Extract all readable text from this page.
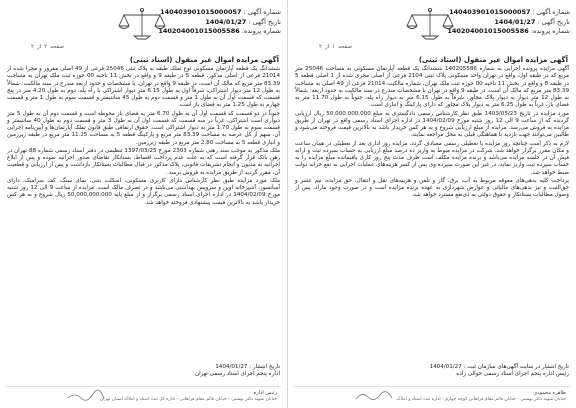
شماره آگهی : 140403901015000057
تاریخ آگهی : 1404/01/27
شماره پرونده: 140204001015005586
صفحه۱از۲
آگهی مزایده اموال غیر منقول (اسناد ثبتی)

آگهی مزایده پرونده اجرایی به شماره 140205586 ششدانگ یک قطعه آپارتمان مسکونی به مساحت 25046 متر مربع که در طبقه اول، واقع در تهران واحد مسکونی پلاک ثبتی 2104 فرعی از اصلی مجزی شده از 1 اصلی قطعه 5 در طبقه 8 و واقع در بخش 11 ناحیه 00 حوزه ثبت ملک تهران، شماره مالکیت 21014 فرعی از 49 اصلی به مساحت 83.39 متر مربع که مالک آن است، در طبقه 9 واقع در تهران با مشخصات مندرج در سند مالکیت به حدود اربعه: شمالاً به طول 12 متر دیوار به دیوار پلاک مجاور، شرقاً به طول 6.15 متر به دیوار راه پله، جنوباً به طول 11.70 متر به فضای باز، غرباً به طول 6.25 متر به دیوار پلاک مجاور که دارای پارکینگ و انباری است.

مورد مزایده در تاریخ 1403/05/23 طبق نظر کارشناس رسمی دادگستری به مبلغ 50,000,000,000 ریال ارزیابی گردیده که از ساعت 9 الی 12 روز شنبه مورخ 1404/02/09 در اداره اجرای اسناد رسمی واقع در تهران از طریق مزایده به فروش می‌رسد. مزایده از مبلغ ارزیابی شروع و به هر کس خریدار باشد به بالاترین قیمت فروخته می‌شود و طالبین می‌توانند جهت بازدید با هماهنگی قبلی به محل مراجعه نمایند.

لازم به ذکر است چنانچه روز مزایده با تعطیلی رسمی مصادف گردد، مزایده روز اداری بعد از تعطیلی در همان ساعت و مکان مقرر برگزار خواهد شد. شرکت در مزایده منوط به واریز ده درصد مبلغ ارزیابی به حساب سپرده ثبت و ارائه فیش آن در جلسه مزایده می‌باشد و برنده مزایده مکلف است ظرف مدت پنج روز کاری باقیمانده مبلغ مزایده را به حساب سپرده ثبت واریز نماید، در غیر این صورت سپرده وی پس از کسر هزینه‌های عملیات اجرایی به نفع خزانه دولت ضبط خواهد شد.

پرداخت کلیه بدهی‌های معوقه مربوط به آب، برق، گاز و تلفن و هزینه‌های نقل و انتقال، حق مزایده، نیم عشر و حق‌الثبت و نیز بدهی‌های مالیاتی و عوارض شهرداری به عهده برنده مزایده است و در صورت وجود مازاد، پس از وصول مطالبات بستانکار و حقوق دولتی به ذی‌نفع مسترد خواهد شد.

تاریخ انتشار در سایت آگهی‌های سازمان ثبت : 1404/01/27
رئیس اداره پنجم اجرای اسناد رسمی حوالی زاده
طاهره محمودی
خیابان شهید دکتر بهشتی - خیابان قائم مقام فراهانی کوچه چهارم - اداره ثبت اسناد و املاک
شماره آگهی : 140403901015000057
تاریخ آگهی : 1404/01/27
شماره پرونده: 140204001015005586
صفحه۲از۲
آگهی مزایده اموال غیر منقول (اسناد ثبتی)

ششدانگ یک قطعه آپارتمان مسکونی نوع تملک طبقه به پلاک ثبتی 25046 فرعی از 49 اصلی مفروز و مجزا شده از 21014 فرعی از اصلی مذکور، قطعه 5 در طبقه 9 و واقع در بخش 11 ناحیه 00 حوزه ثبت ملک تهران به مساحت 83.39 متر مربع که مالک آن است، در طبقه 9 واقع در تهران، با مشخصات و حدود اربعه مندرج در سند مالکیت: شمالاً به طول 12 متر دیوار اشتراکی، شرقاً اول به طول 6.15 متر دیوار اشتراکی با راه پله، دوم به طول 4.20 متر در پنج قسمت که قسمت اول آن به طول 1 متر و قسمت دوم به طول 45 سانتیمتر و قسمت سوم به طول 1 متر و قسمت چهارم به طول 1.25 متر به فضای باز است.

جنوباً در دو قسمت که قسمت اول آن به طول 6.70 متر به فضای باز محوطه است و قسمت دوم آن به طول 5 متر دیواری است اشتراکی، غرباً در سه قسمت که قسمت اول آن به طول 3 متر و قسمت دوم به طول 40 سانتیمتر و قسمت سوم به طول 1.70 متر به دیوار اشتراکی است. حقوق ارتفاقی طبق قانون تملک آپارتمان‌ها و آیین‌نامه اجرایی آن. سهم از کل عرصه به مساحت 83.39 متر مربع و پارکینگ قطعه 5 به مساحت 11.25 متر مربع در طبقه زیرزمین و انباری قطعه 5 به مساحت 2.80 متر مربع در طبقه زیرزمین.

ملک مذکور به موجب سند رهنی شماره 2303 مورخ 1397/03/25 تنظیمی در دفتر اسناد رسمی شماره 88 تهران در رهن بانک قرار گرفته است که به علت عدم پرداخت اقساط، بستانکار تقاضای صدور اجرائیه نموده و پس از ابلاغ اجرائیه به مدیون و انجام تشریفات قانونی، پلاک مذکور در قبال مطالبات بستانکار بازداشت و پس از ارزیابی و قطعیت آن، مقرر گردید از طریق مزایده به فروش برسد.

ملک مورد مزایده طبق نظر کارشناس دارای کاربری مسکونی، اسکلت بتنی، نمای سنگ، کف سرامیک، دارای آسانسور، آشپزخانه اوپن و سرویس بهداشتی می‌باشد و در تصرف مالک است. مزایده از ساعت 9 الی 12 روز شنبه مورخ 1404/02/09 در اداره اجرای اسناد رسمی برگزار و از مبلغ پایه 50,000,000,000 ریال شروع و به هر کس خریدار باشد به بالاترین قیمت پیشنهادی فروخته خواهد شد.

تاریخ انتشار : 1404/01/27
اداره پنجم اجرای اسناد رسمی تهران
رئیس اداره
خیابان شهید دکتر بهشتی - خیابان قائم مقام فراهانی - اداره کل ثبت اسناد و املاک استان تهران
